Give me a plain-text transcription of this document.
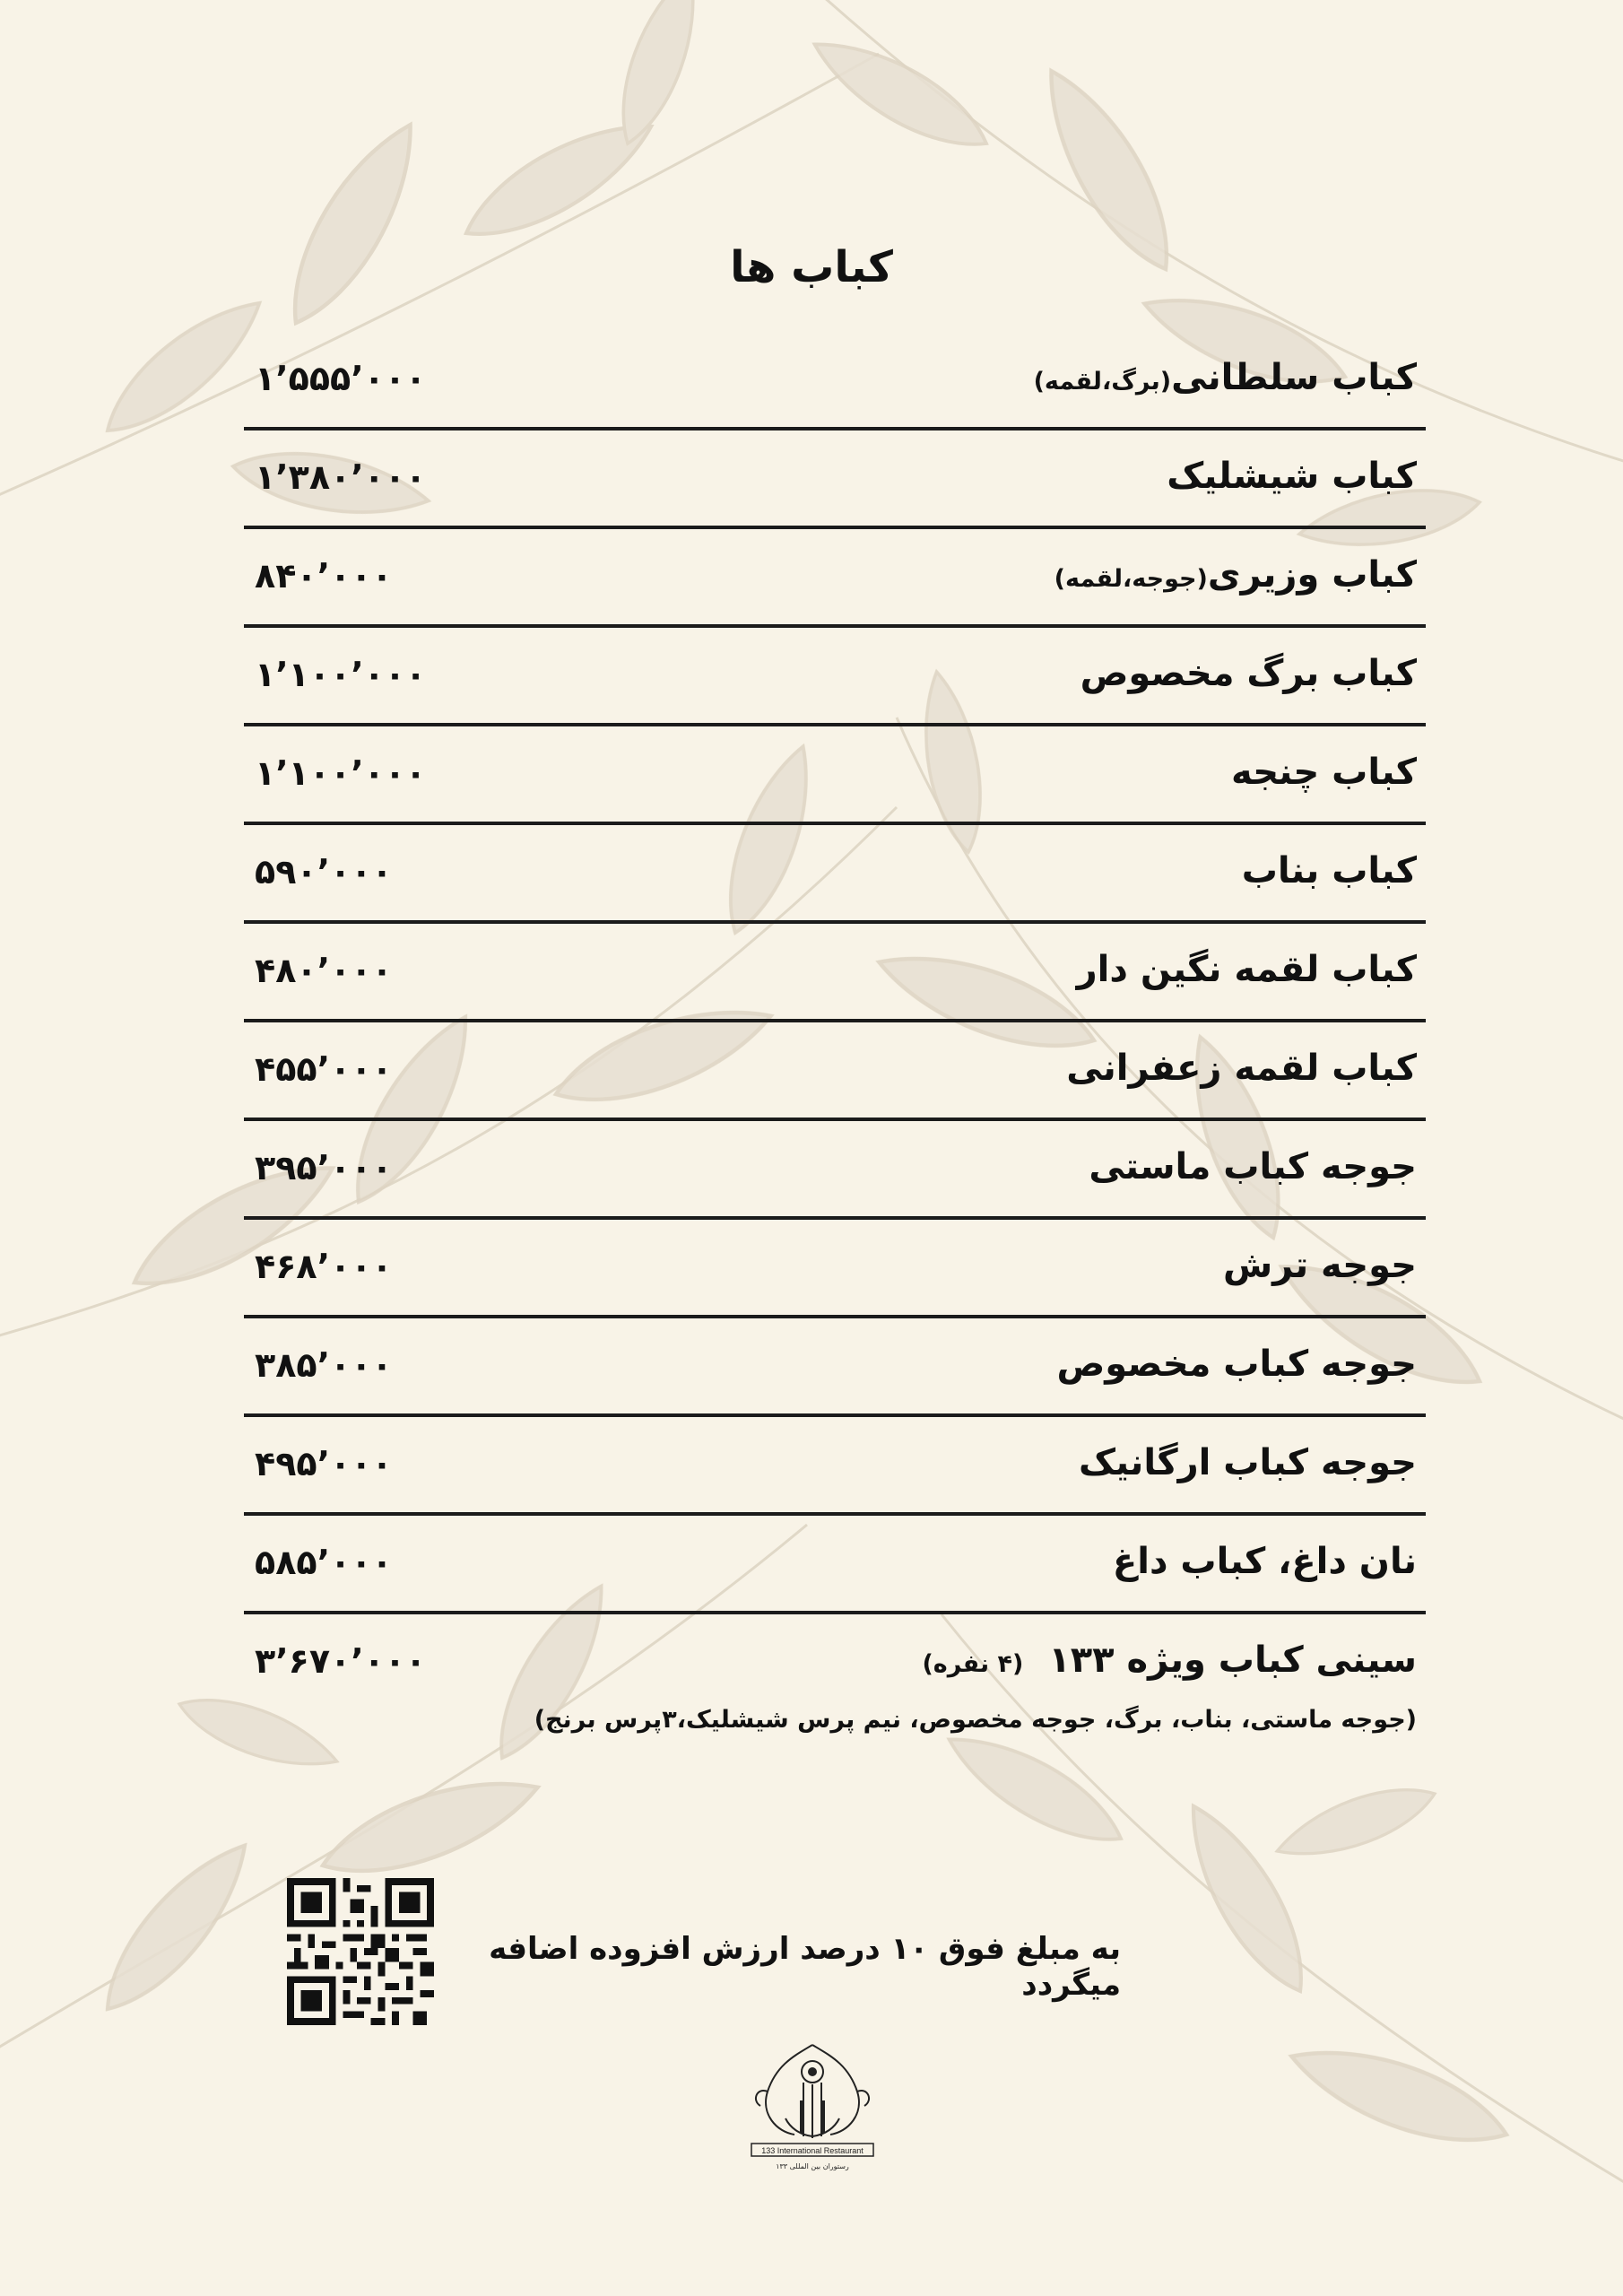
کباب ها
کباب سلطانی(برگ،لقمه)
۱٬۵۵۵٬۰۰۰
کباب شیشلیک
۱٬۳۸۰٬۰۰۰
کباب وزیری(جوجه،لقمه)
۸۴۰٬۰۰۰
کباب برگ مخصوص
۱٬۱۰۰٬۰۰۰
کباب چنجه
۱٬۱۰۰٬۰۰۰
کباب بناب
۵۹۰٬۰۰۰
کباب لقمه نگین دار
۴۸۰٬۰۰۰
کباب لقمه زعفرانی
۴۵۵٬۰۰۰
جوجه کباب ماستی
۳۹۵٬۰۰۰
جوجه ترش
۴۶۸٬۰۰۰
جوجه کباب مخصوص
۳۸۵٬۰۰۰
جوجه کباب ارگانیک
۴۹۵٬۰۰۰
نان داغ، کباب داغ
۵۸۵٬۰۰۰
سینی کباب ویژه ۱۳۳(۴ نفره)
۳٬۶۷۰٬۰۰۰
(جوجه ماستی، بناب، برگ، جوجه مخصوص، نیم پرس شیشلیک،۳پرس برنج)
به مبلغ فوق ۱۰ درصد ارزش افزوده اضافه میگردد
133 International Restaurant
رستوران بین المللی ۱۳۳
